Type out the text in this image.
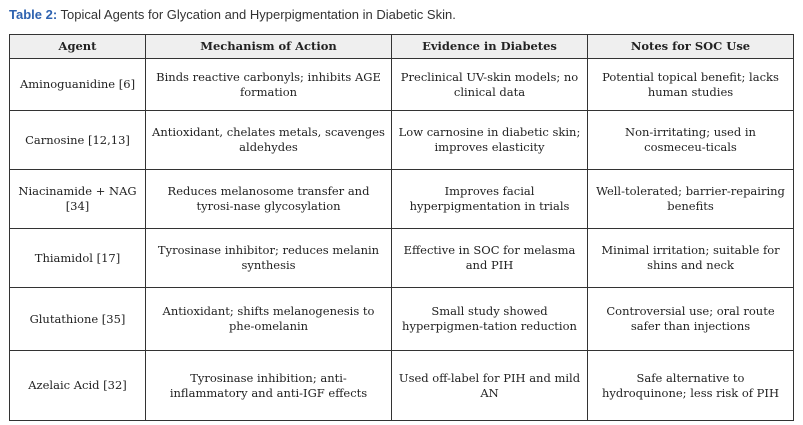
Table 2: Topical Agents for Glycation and Hyperpigmentation in Diabetic Skin.
Agent	Mechanism of Action	Evidence in Diabetes	Notes for SOC Use
Aminoguanidine [6]	Binds reactive carbonyls; inhibits AGE formation	Preclinical UV-skin models; no clinical data	Potential topical benefit; lacks human studies
Carnosine [12,13]	Antioxidant, chelates metals, scavenges aldehydes	Low carnosine in diabetic skin; improves elasticity	Non-irritating; used in cosmeceu-ticals
Niacinamide + NAG [34]	Reduces melanosome transfer and tyrosi-nase glycosylation	Improves facial hyperpigmentation in trials	Well-tolerated; barrier-repairing benefits
Thiamidol [17]	Tyrosinase inhibitor; reduces melanin synthesis	Effective in SOC for melasma and PIH	Minimal irritation; suitable for shins and neck
Glutathione [35]	Antioxidant; shifts melanogenesis to phe-omelanin	Small study showed hyperpigmen-tation reduction	Controversial use; oral route safer than injections
Azelaic Acid [32]	Tyrosinase inhibition; anti-inflammatory and anti-IGF effects	Used off-label for PIH and mild AN	Safe alternative to hydroquinone; less risk of PIH
